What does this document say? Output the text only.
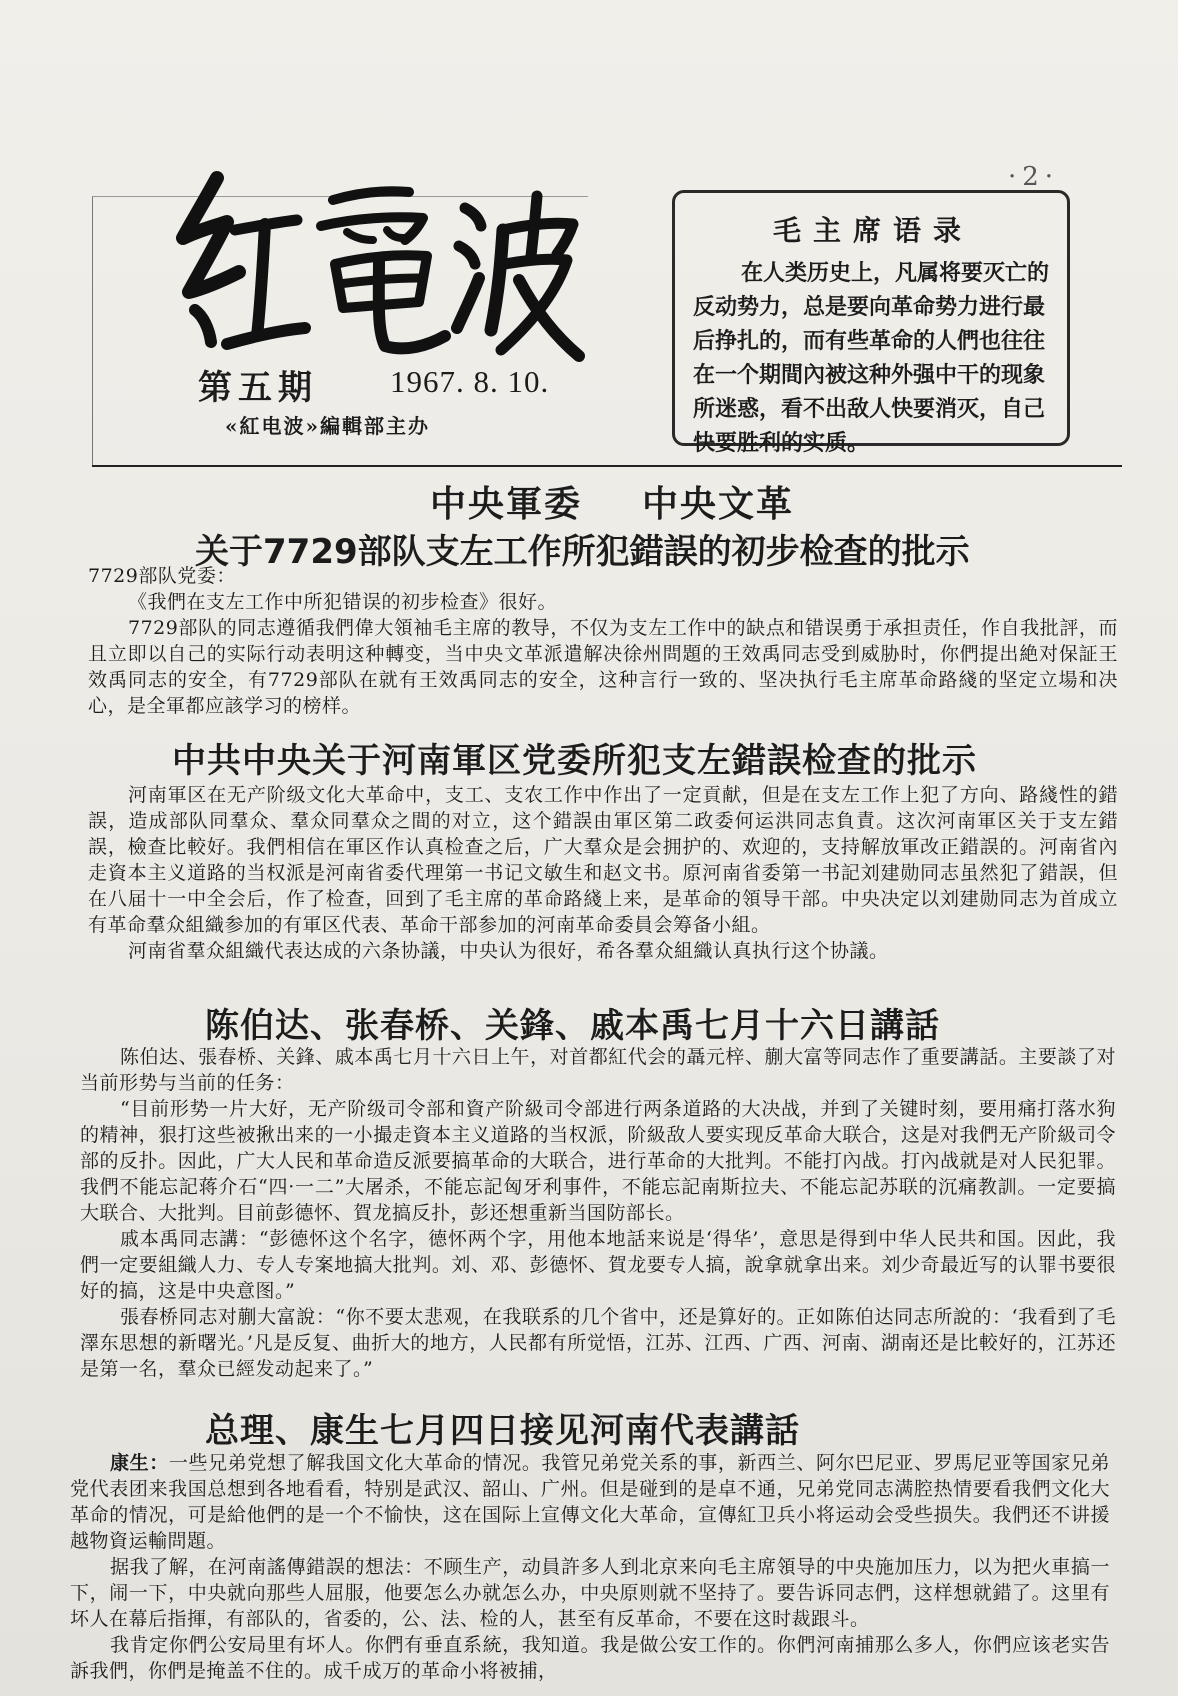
·2·
第五期 1967. 8. 10.
«紅电波»編輯部主办
毛主席语录
在人类历史上，凡属将要灭亡的反动势力，总是要向革命势力进行最后挣扎的，而有些革命的人們也往往在一个期間內被这种外强中干的现象所迷惑，看不出敌人快要消灭，自己快要胜利的实质。
中央軍委 中央文革
关于7729部队支左工作所犯錯誤的初步检查的批示
7729部队党委：
《我們在支左工作中所犯错误的初步检查》很好。
7729部队的同志遵循我們偉大領袖毛主席的教导，不仅为支左工作中的缺点和错误勇于承担责任，作自我批評，而且立即以自己的实际行动表明这种轉变，当中央文革派遣解决徐州問題的王效禹同志受到威胁时，你們提出絶对保証王效禹同志的安全，有7729部队在就有王效禹同志的安全，这种言行一致的、坚决执行毛主席革命路綫的坚定立場和决心，是全軍都应該学习的榜样。
中共中央关于河南軍区党委所犯支左錯誤检查的批示
河南軍区在无产阶级文化大革命中，支工、支农工作中作出了一定貢献，但是在支左工作上犯了方向、路綫性的錯誤，造成部队同羣众、羣众同羣众之間的对立，这个錯誤由軍区第二政委何运洪同志負責。这次河南軍区关于支左錯誤，檢查比較好。我們相信在軍区作认真检查之后，广大羣众是会拥护的、欢迎的，支持解放軍改正錯誤的。河南省內走資本主义道路的当权派是河南省委代理第一书记文敏生和赵文书。原河南省委第一书記刘建勋同志虽然犯了錯誤，但在八届十一中全会后，作了检查，回到了毛主席的革命路綫上来，是革命的領导干部。中央决定以刘建勋同志为首成立有革命羣众組織参加的有軍区代表、革命干部参加的河南革命委員会筹备小組。
河南省羣众組織代表达成的六条协議，中央认为很好，希各羣众組織认真执行这个协議。
陈伯达、张春桥、关鋒、戚本禹七月十六日講話
陈伯达、張春桥、关鋒、戚本禹七月十六日上午，对首都紅代会的聶元梓、蒯大富等同志作了重要講話。主要談了对当前形势与当前的任务：
“目前形势一片大好，无产阶级司令部和資产阶級司令部进行两条道路的大决战，并到了关键时刻，要用痛打落水狗的精神，狠打这些被揪出来的一小撮走資本主义道路的当权派，阶級敌人要实现反革命大联合，这是对我們无产阶級司令部的反扑。因此，广大人民和革命造反派要搞革命的大联合，进行革命的大批判。不能打內战。打內战就是对人民犯罪。我們不能忘記蒋介石“四·一二”大屠杀，不能忘記匈牙利事件，不能忘記南斯拉夫、不能忘記苏联的沉痛教訓。一定要搞大联合、大批判。目前彭德怀、賀龙搞反扑，彭还想重新当国防部长。
戚本禹同志講：“彭德怀这个名字，德怀两个字，用他本地話来说是‘得华’，意思是得到中华人民共和国。因此，我們一定要組織人力、专人专案地搞大批判。刘、邓、彭德怀、賀龙要专人搞，說拿就拿出来。刘少奇最近写的认罪书要很好的搞，这是中央意图。”
張春桥同志对蒯大富說：“你不要太悲观，在我联系的几个省中，还是算好的。正如陈伯达同志所說的：‘我看到了毛澤东思想的新曙光。’凡是反复、曲折大的地方，人民都有所觉悟，江苏、江西、广西、河南、湖南还是比較好的，江苏还是第一名，羣众已經发动起来了。”
总理、康生七月四日接见河南代表講話
康生：一些兄弟党想了解我国文化大革命的情况。我管兄弟党关系的事，新西兰、阿尔巴尼亚、罗馬尼亚等国家兄弟党代表团来我国总想到各地看看，特别是武汉、韶山、广州。但是碰到的是卓不通，兄弟党同志满腔热情要看我們文化大革命的情况，可是給他們的是一个不愉快，这在国际上宣傳文化大革命，宣傳紅卫兵小将运动会受些损失。我們还不讲援越物資运輸問題。
据我了解，在河南謠傳錯誤的想法：不顾生产，动員許多人到北京来向毛主席領导的中央施加压力，以为把火車搞一下，闹一下，中央就向那些人屈服，他要怎么办就怎么办，中央原则就不坚持了。要告诉同志們，这样想就錯了。这里有坏人在幕后指揮，有部队的，省委的，公、法、检的人，甚至有反革命，不要在这时裁跟斗。
我肯定你們公安局里有坏人。你們有垂直系統，我知道。我是做公安工作的。你們河南捕那么多人，你們应该老实告訴我們，你們是掩盖不住的。成千成万的革命小将被捕，
